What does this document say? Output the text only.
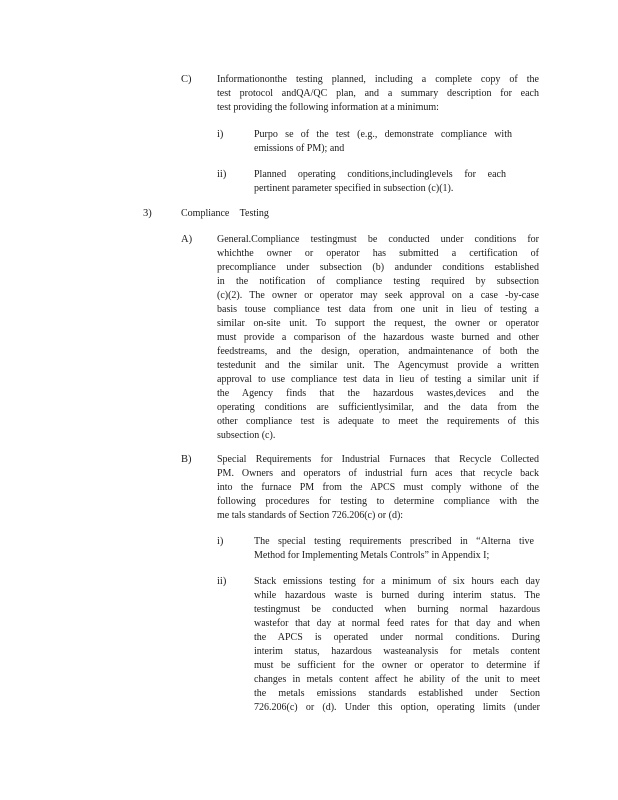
C)	Informationonthe testing planned, including a complete copy of the
test protocol andQA/QC plan, and a summary description for each
test providing the following information at a minimum:
i)	Purpo se of the test (e.g., demonstrate compliance with
emissions of PM); and
ii)	Planned operating conditions,includinglevels for each
pertinent parameter specified in subsection (c)(1).
3)	Compliance Testing
A) General.Compliance testingmust be conducted under conditions for
whichthe owner or operator has submitted a certification of
precompliance under subsection (b) andunder conditions established
in the notification of compliance testing required by subsection
(c)(2). The owner or operator may seek approval on a case -by-case
basis touse compliance test data from one unit in lieu of testing a
similar on-site unit. To support the request, the owner or operator
must provide a comparison of the hazardous waste burned and other
feedstreams, and the design, operation, andmaintenance of both the
testedunit and the similar unit. The Agencymust provide a written
approval to use compliance test data in lieu of testing a similar unit if
the Agency finds that the hazardous wastes,devices and the
operating conditions are sufficientlysimilar, and the data from the
other compliance test is adequate to meet the requirements of this
subsection (c).
B)	Special Requirements for Industrial Furnaces that Recycle Collected
PM. Owners and operators of industrial furn aces that recycle back
into the furnace PM from the APCS must comply withone of the
following procedures for testing to determine compliance with the
me tals standards of Section 726.206(c) or (d):
i)	The special testing requirements prescribed in “Alterna tive
Method for Implementing Metals Controls” in Appendix I;
ii)	Stack emissions testing for a minimum of six hours each day
while hazardous waste is burned during interim status. The
testingmust be conducted when burning normal hazardous
wastefor that day at normal feed rates for that day and when
the APCS is operated under normal conditions. During
interim status, hazardous wasteanalysis for metals content
must be sufficient for the owner or operator to determine if
changes in metals content affect he ability of the unit to meet
the metals emissions standards established under Section
726.206(c) or (d). Under this option, operating limits (under
